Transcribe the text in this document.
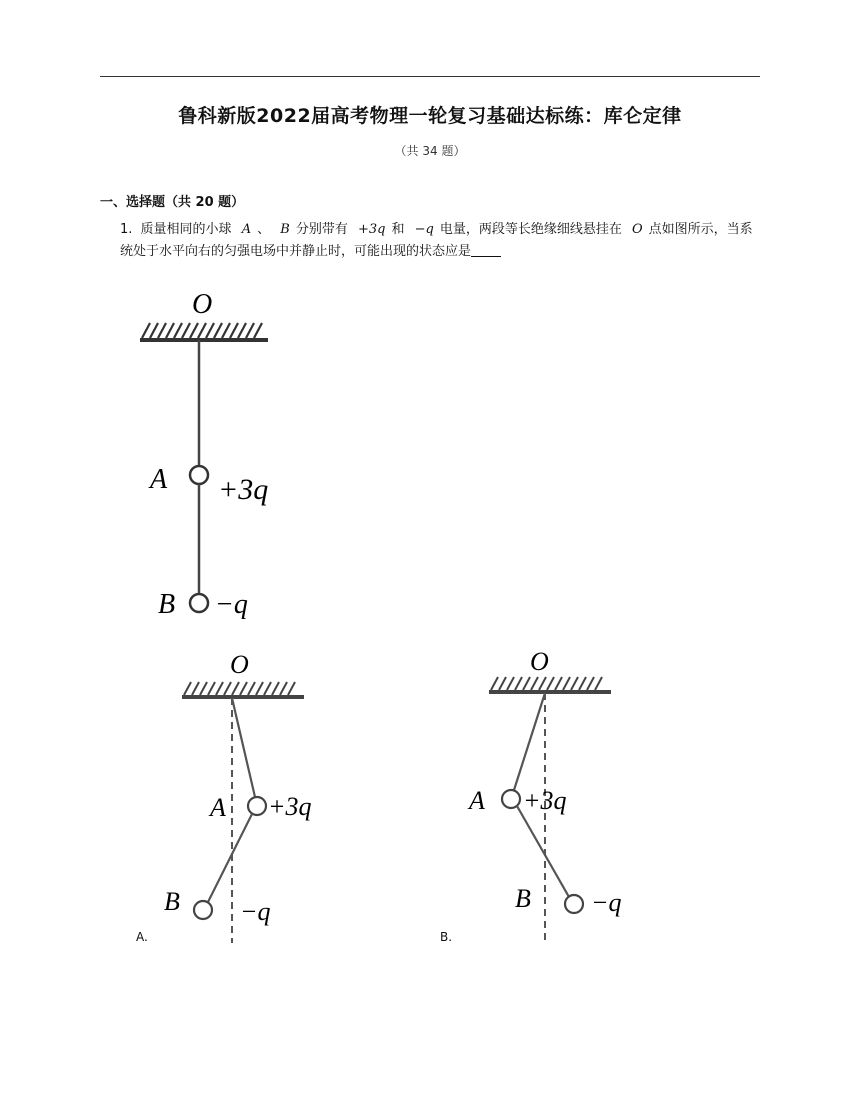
鲁科新版2022届高考物理一轮复习基础达标练：库仑定律
（共 34 题）
一、选择题（共 20 题）
1. 质量相同的小球 A 、 B 分别带有 +3q 和 −q 电量，两段等长绝缘细线悬挂在 O 点如图所示，当系统处于水平向右的匀强电场中并静止时，可能出现的状态应是
O
A +3q
B −q
O
A +3q
B −q
O
A +3q
B −q
A.	B.
